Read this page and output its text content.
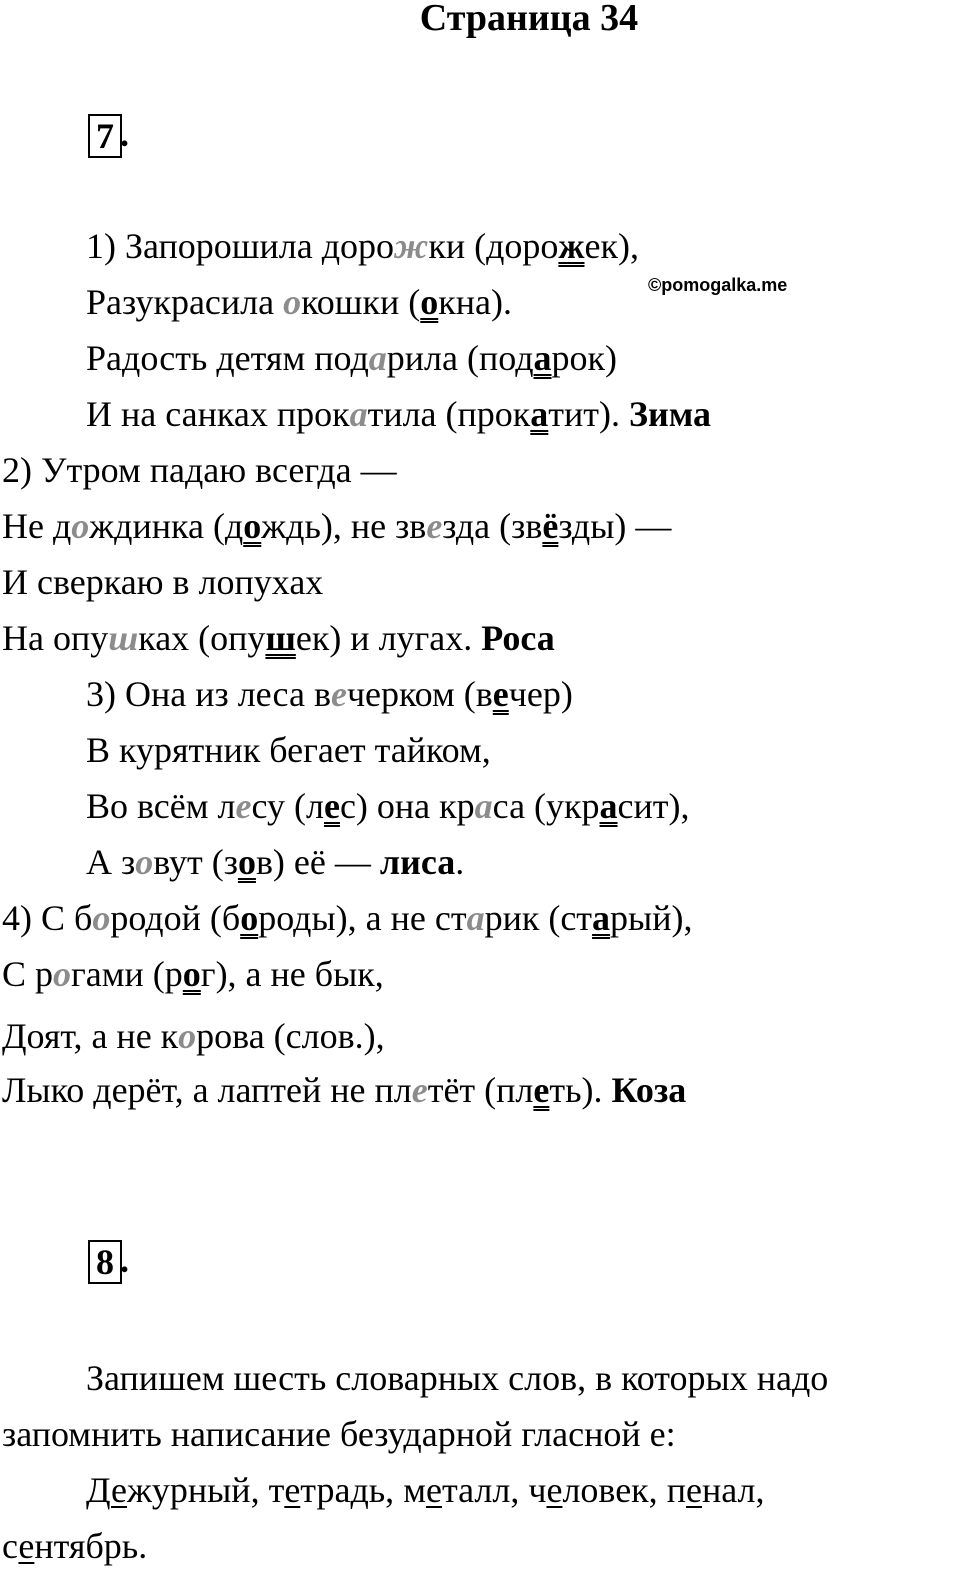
Страница 34
7 .
©pomogalka.me
1) Запорошила дорожки (дорожек),
Разукрасила окошки (окна).
Радость детям подарила (подарок)
И на санках прокатила (прокатит). Зима
2) Утром падаю всегда —
Не дождинка (дождь), не звезда (звёзды) —
И сверкаю в лопухах
На опушках (опушек) и лугах. Роса
3) Она из леса вечерком (вечер)
В курятник бегает тайком,
Во всём лесу (лес) она краса (украсит),
А зовут (зов) её — лиса.
4) С бородой (бороды), а не старик (старый),
С рогами (рог), а не бык,
Доят, а не корова (слов.),
Лыко дерёт, а лаптей не плетёт (плеть). Коза
8 .
Запишем шесть словарных слов, в которых надо
запомнить написание безударной гласной е:
Дежурный, тетрадь, металл, человек, пенал,
сентябрь.
